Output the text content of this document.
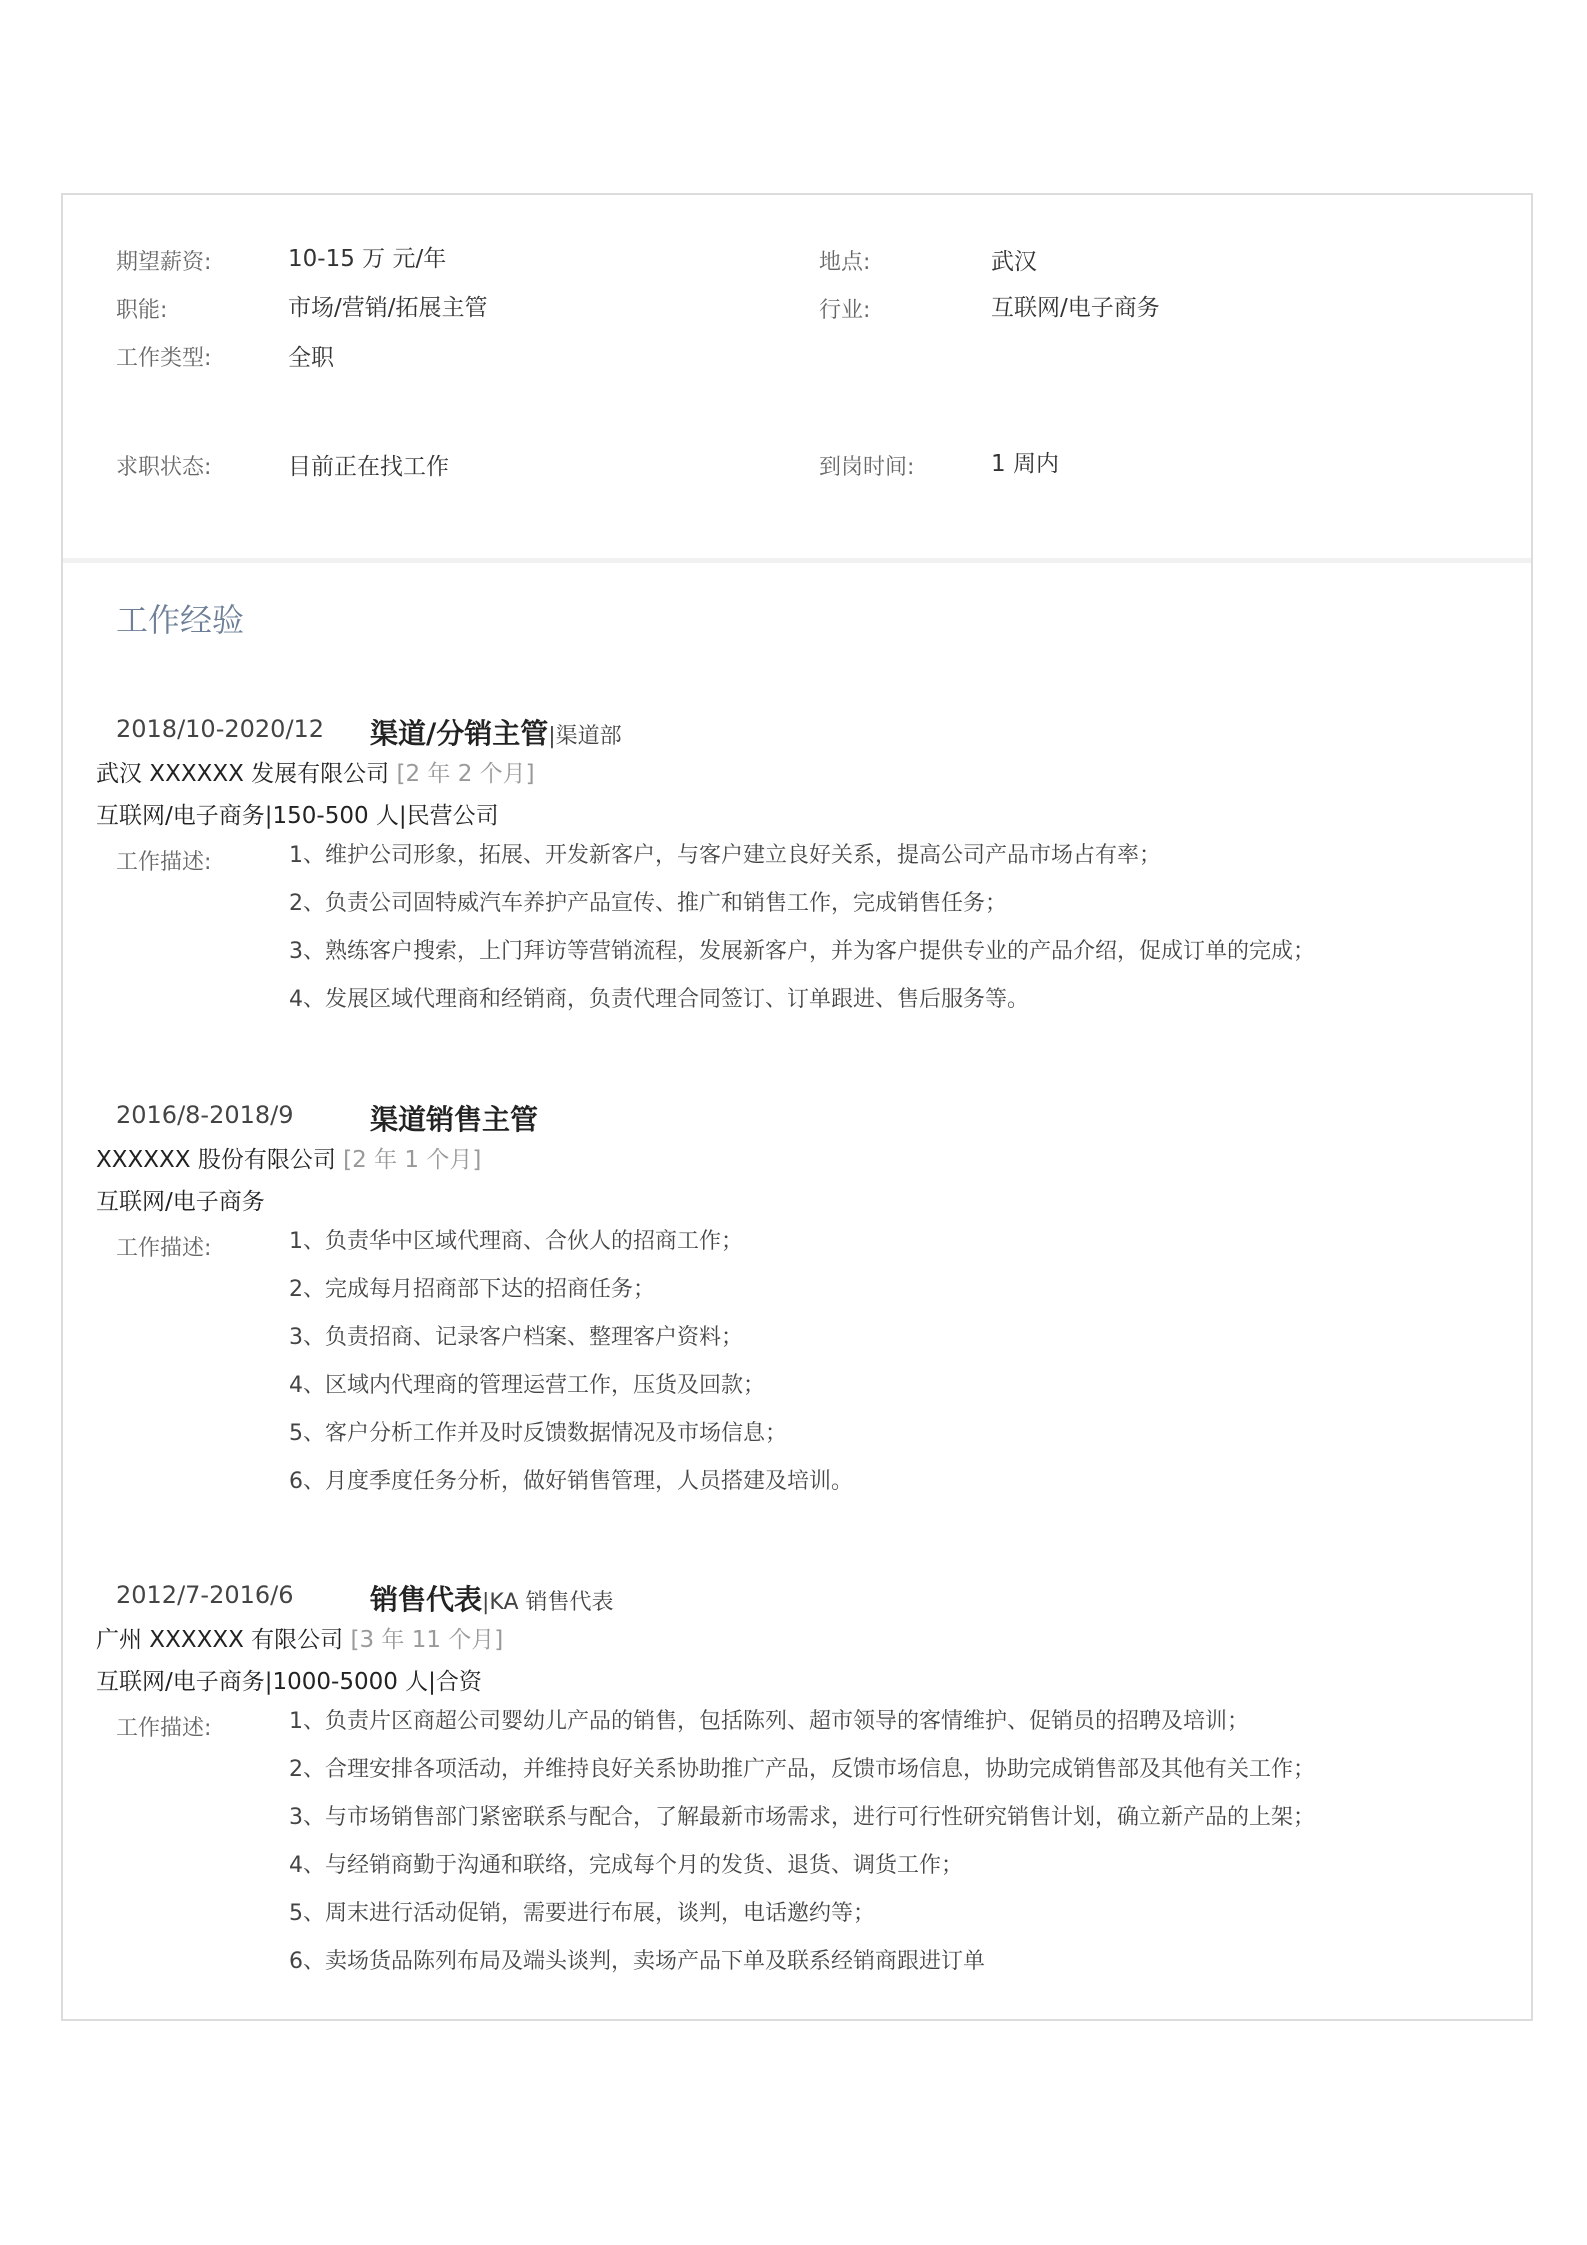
期望薪资:	10-15 万 元/年	地点:	武汉
职能:	市场/营销/拓展主管	行业:	互联网/电子商务
工作类型:	全职
求职状态:	目前正在找工作	到岗时间:	1 周内
工作经验
2018/10-2020/12 渠道/分销主管|渠道部
武汉 XXXXXX 发展有限公司 [2 年 2 个月]
互联网/电子商务|150-500 人|民营公司
工作描述:	1、维护公司形象，拓展、开发新客户，与客户建立良好关系，提高公司产品市场占有率；
2、负责公司固特威汽车养护产品宣传、推广和销售工作，完成销售任务；
3、熟练客户搜索，上门拜访等营销流程，发展新客户，并为客户提供专业的产品介绍，促成订单的完成；
4、发展区域代理商和经销商，负责代理合同签订、订单跟进、售后服务等。
2016/8-2018/9	渠道销售主管
XXXXXX 股份有限公司 [2 年 1 个月]
互联网/电子商务
工作描述:	1、负责华中区域代理商、合伙人的招商工作；
2、完成每月招商部下达的招商任务；
3、负责招商、记录客户档案、整理客户资料；
4、区域内代理商的管理运营工作，压货及回款；
5、客户分析工作并及时反馈数据情况及市场信息；
6、月度季度任务分析，做好销售管理，人员搭建及培训。
2012/7-2016/6	销售代表|KA 销售代表
广州 XXXXXX 有限公司 [3 年 11 个月]
互联网/电子商务|1000-5000 人|合资
工作描述:	1、负责片区商超公司婴幼儿产品的销售，包括陈列、超市领导的客情维护、促销员的招聘及培训；
2、合理安排各项活动，并维持良好关系协助推广产品，反馈市场信息，协助完成销售部及其他有关工作；
3、与市场销售部门紧密联系与配合，了解最新市场需求，进行可行性研究销售计划，确立新产品的上架；
4、与经销商勤于沟通和联络，完成每个月的发货、退货、调货工作；
5、周末进行活动促销，需要进行布展，谈判，电话邀约等；
6、卖场货品陈列布局及端头谈判，卖场产品下单及联系经销商跟进订单
